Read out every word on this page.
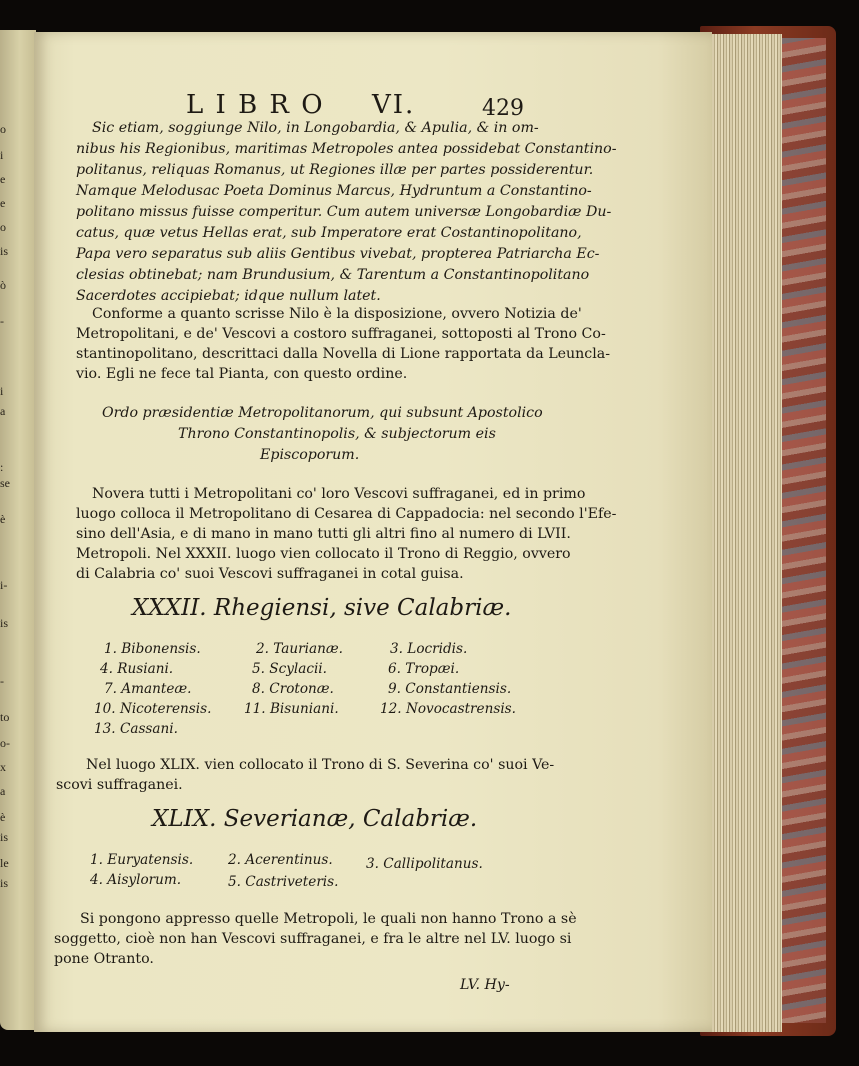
o
i
e
e
o
is
ò
-
i
a
:
se
è
i-
is
-
to
o-
x
a
è
is
le
is
L I B R O VI.	429
Sic etiam, soggiunge Nilo, in Longobardia, & Apulia, & in om-
nibus his Regionibus, maritimas Metropoles antea possidebat Constantino-
politanus, reliquas Romanus, ut Regiones illæ per partes possiderentur.
Namque Melodusac Poeta Dominus Marcus, Hydruntum a Constantino-
politano missus fuisse comperitur. Cum autem universæ Longobardiæ Du-
catus, quæ vetus Hellas erat, sub Imperatore erat Costantinopolitano,
Papa vero separatus sub aliis Gentibus vivebat, propterea Patriarcha Ec-
clesias obtinebat; nam Brundusium, & Tarentum a Constantinopolitano
Sacerdotes accipiebat; idque nullum latet.
Conforme a quanto scrisse Nilo è la disposizione, ovvero Notizia de'
Metropolitani, e de' Vescovi a costoro suffraganei, sottoposti al Trono Co-
stantinopolitano, descrittaci dalla Novella di Lione rapportata da Leuncla-
vio. Egli ne fece tal Pianta, con questo ordine.
Ordo præsidentiæ Metropolitanorum, qui subsunt Apostolico
Throno Constantinopolis, & subjectorum eis
Episcoporum.
Novera tutti i Metropolitani co' loro Vescovi suffraganei, ed in primo
luogo colloca il Metropolitano di Cesarea di Cappadocia: nel secondo l'Efe-
sino dell'Asia, e di mano in mano tutti gli altri fino al numero di LVII.
Metropoli. Nel XXXII. luogo vien collocato il Trono di Reggio, ovvero
di Calabria co' suoi Vescovi suffraganei in cotal guisa.
XXXII. Rhegiensi, sive Calabriæ.
1. Bibonensis.	2. Taurianæ.	3. Locridis.
4. Rusiani.	5. Scylacii.	6. Tropæi.
7. Amanteæ.	8. Crotonæ.	9. Constantiensis.
10. Nicoterensis. 11. Bisuniani.	12. Novocastrensis.
13. Cassani.
Nel luogo XLIX. vien collocato il Trono di S. Severina co' suoi Ve-
scovi suffraganei.
XLIX. Severianæ, Calabriæ.
1. Euryatensis.	2. Acerentinus. 3. Callipolitanus.
4. Aisylorum.	5. Castriveteris.
Si pongono appresso quelle Metropoli, le quali non hanno Trono a sè
soggetto, cioè non han Vescovi suffraganei, e fra le altre nel LV. luogo si
pone Otranto.
LV. Hy-
